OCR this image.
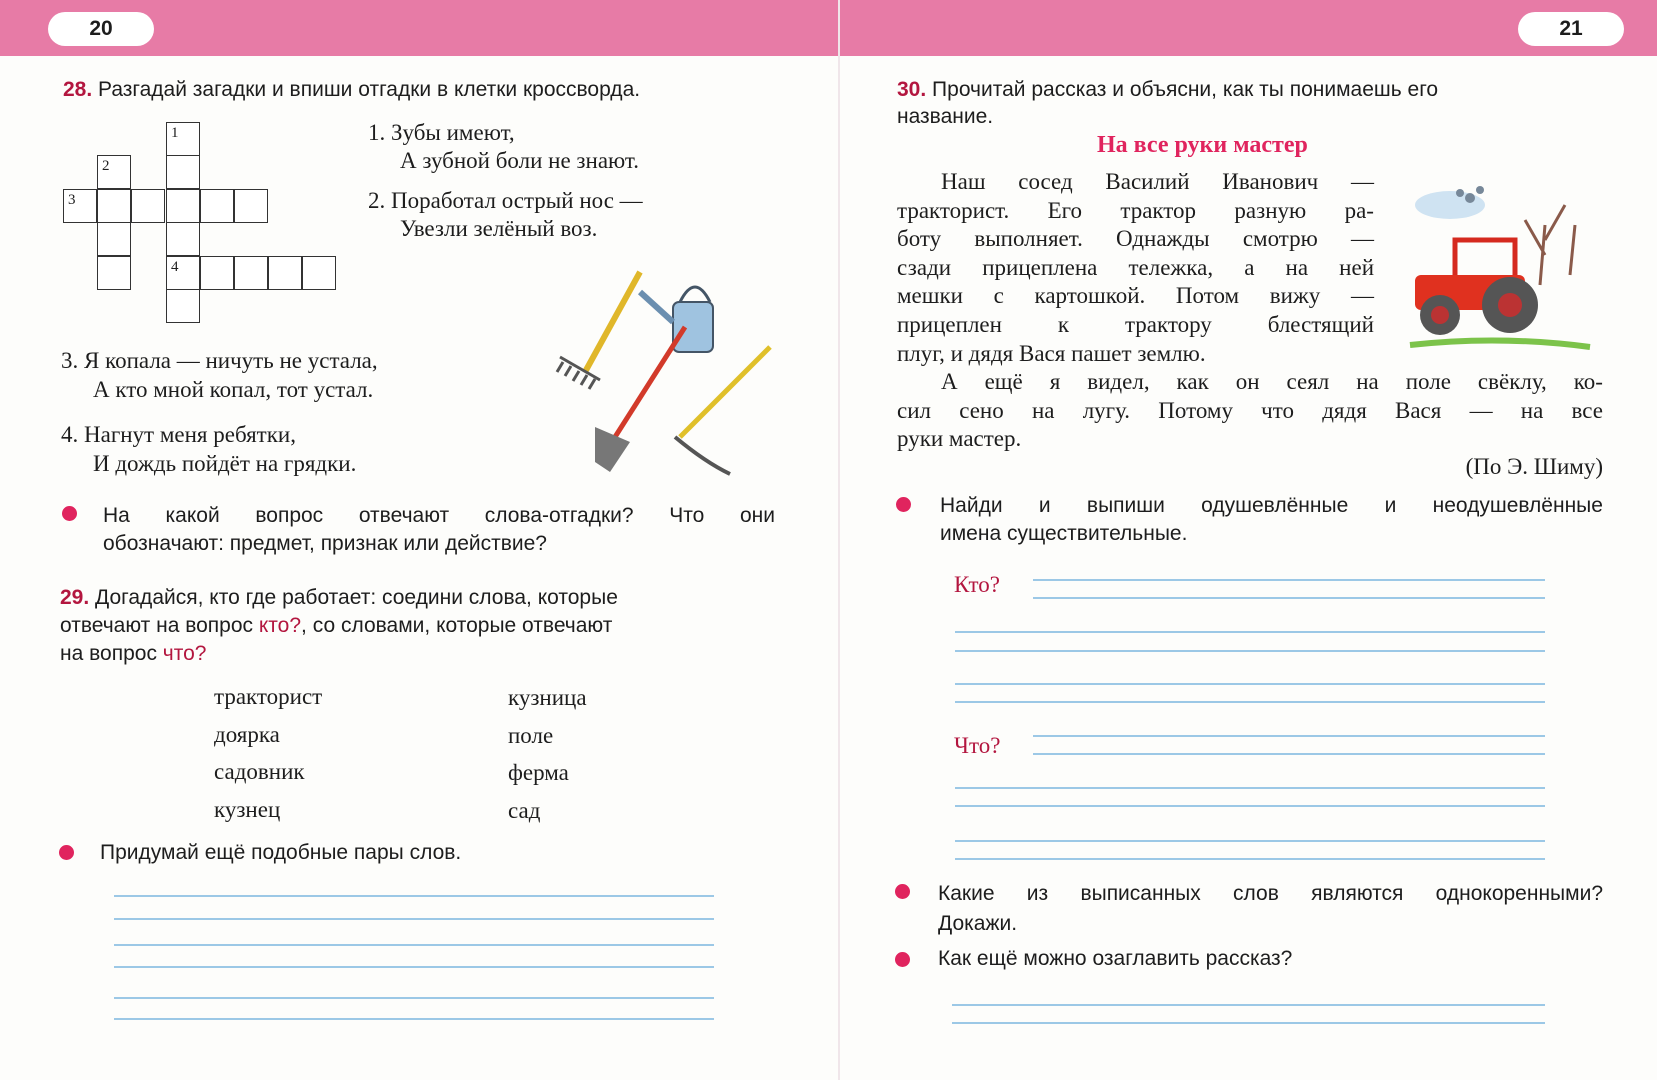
20	21
28. Разгадай загадки и впиши отгадки в клетки кроссворда.
1
4
2
3
1. Зубы имеют,
А зубной боли не знают.
2. Поработал острый нос —
Увезли зелёный воз.
3. Я копала — ничуть не устала,
А кто мной копал, тот устал.
4. Нагнут меня ребятки,
И дождь пойдёт на грядки.
На какой вопрос отвечают слова-отгадки? Что они
обозначают: предмет, признак или действие?
29. Догадайся, кто где работает: соедини слова, которые
отвечают на вопрос кто?, со словами, которые отвечают
на вопрос что?
тракторист
доярка
садовник
кузнец
кузница
поле
ферма
сад
Придумай ещё подобные пары слов.
30. Прочитай рассказ и объясни, как ты понимаешь его
название.
На все руки мастер
Наш сосед Василий Иванович —
тракторист. Его трактор разную ра-
боту выполняет. Однажды смотрю —
сзади прицеплена тележка, а на ней
мешки с картошкой. Потом вижу —
прицеплен к трактору блестящий
плуг, и дядя Вася пашет землю.
А ещё я видел, как он сеял на поле свёклу, ко-
сил сено на лугу. Потому что дядя Вася — на все
руки мастер.
(По Э. Шиму)
Найди и выпиши одушевлённые и неодушевлённые
имена существительные.
Кто?
Что?
Какие из выписанных слов являются однокоренными?
Докажи.
Как ещё можно озаглавить рассказ?
